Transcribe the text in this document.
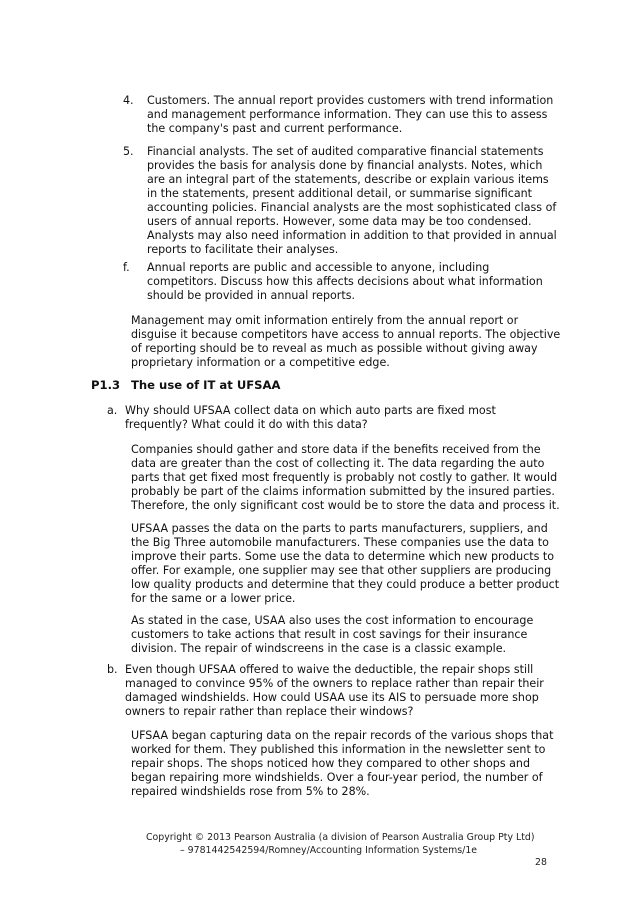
4. Customers. The annual report provides customers with trend information
and management performance information. They can use this to assess
the company's past and current performance.
5. Financial analysts. The set of audited comparative financial statements
provides the basis for analysis done by financial analysts. Notes, which
are an integral part of the statements, describe or explain various items
in the statements, present additional detail, or summarise significant
accounting policies. Financial analysts are the most sophisticated class of
users of annual reports. However, some data may be too condensed.
Analysts may also need information in addition to that provided in annual
reports to facilitate their analyses.
f. Annual reports are public and accessible to anyone, including
competitors. Discuss how this affects decisions about what information
should be provided in annual reports.
Management may omit information entirely from the annual report or
disguise it because competitors have access to annual reports. The objective
of reporting should be to reveal as much as possible without giving away
proprietary information or a competitive edge.
P1.3 The use of IT at UFSAA
a. Why should UFSAA collect data on which auto parts are fixed most
frequently? What could it do with this data?
Companies should gather and store data if the benefits received from the
data are greater than the cost of collecting it. The data regarding the auto
parts that get fixed most frequently is probably not costly to gather. It would
probably be part of the claims information submitted by the insured parties.
Therefore, the only significant cost would be to store the data and process it.
UFSAA passes the data on the parts to parts manufacturers, suppliers, and
the Big Three automobile manufacturers. These companies use the data to
improve their parts. Some use the data to determine which new products to
offer. For example, one supplier may see that other suppliers are producing
low quality products and determine that they could produce a better product
for the same or a lower price.
As stated in the case, USAA also uses the cost information to encourage
customers to take actions that result in cost savings for their insurance
division. The repair of windscreens in the case is a classic example.
b. Even though UFSAA offered to waive the deductible, the repair shops still
managed to convince 95% of the owners to replace rather than repair their
damaged windshields. How could USAA use its AIS to persuade more shop
owners to repair rather than replace their windows?
UFSAA began capturing data on the repair records of the various shops that
worked for them. They published this information in the newsletter sent to
repair shops. The shops noticed how they compared to other shops and
began repairing more windshields. Over a four-year period, the number of
repaired windshields rose from 5% to 28%.
Copyright © 2013 Pearson Australia (a division of Pearson Australia Group Pty Ltd)
– 9781442542594/Romney/Accounting Information Systems/1e
28
